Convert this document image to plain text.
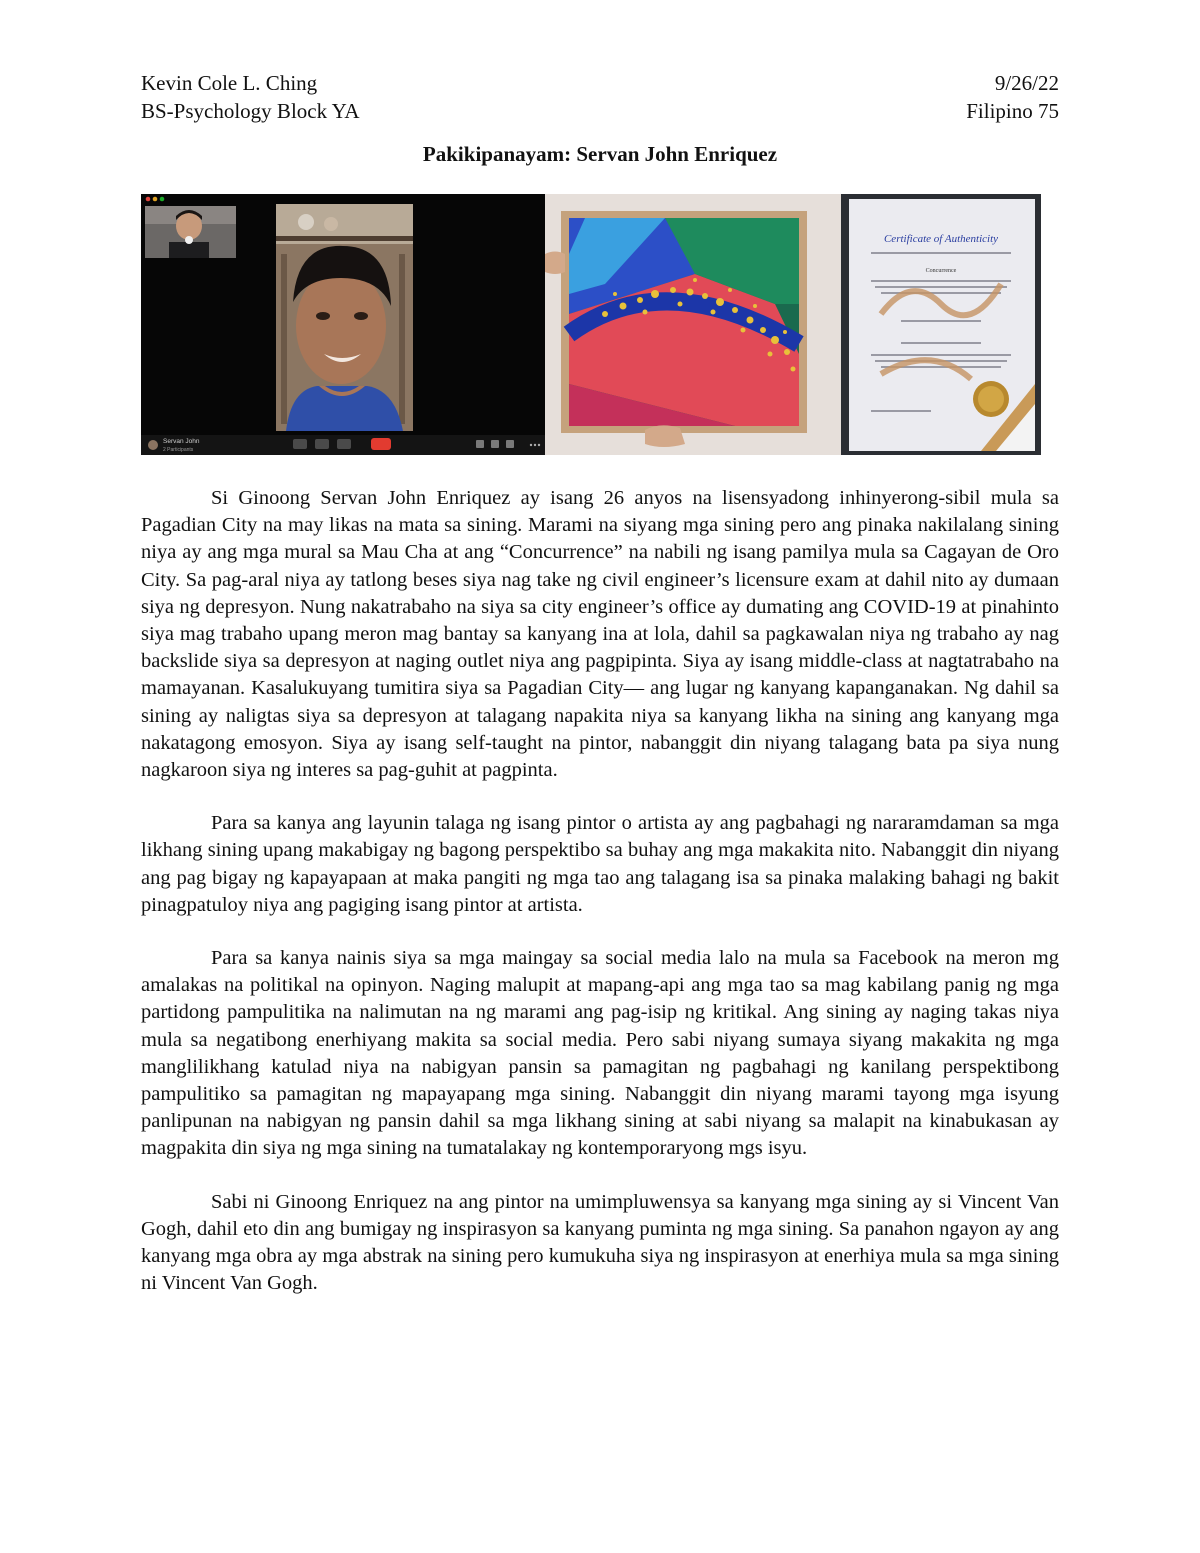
Kevin Cole L. Ching
BS-Psychology Block YA
9/26/22
Filipino 75
Pakikipanayam: Servan John Enriquez
Servan John
2 Participants
Certificate of Authenticity
Concurrence

Si Ginoong Servan John Enriquez ay isang 26 anyos na lisensyadong inhinyerong-sibil mula sa Pagadian City na may likas na mata sa sining. Marami na siyang mga sining pero ang pinaka nakilalang sining niya ay ang mga mural sa Mau Cha at ang “Concurrence” na nabili ng isang pamilya mula sa Cagayan de Oro City. Sa pag-aral niya ay tatlong beses siya nag take ng civil engineer’s licensure exam at dahil nito ay dumaan siya ng depresyon. Nung nakatrabaho na siya sa city engineer’s office ay dumating ang COVID-19 at pinahinto siya mag trabaho upang meron mag bantay sa kanyang ina at lola, dahil sa pagkawalan niya ng trabaho ay nag backslide siya sa depresyon at naging outlet niya ang pagpipinta. Siya ay isang middle-class at nagtatrabaho na mamayanan. Kasalukuyang tumitira siya sa Pagadian City— ang lugar ng kanyang kapanganakan. Ng dahil sa sining ay naligtas siya sa depresyon at talagang napakita niya sa kanyang likha na sining ang kanyang mga nakatagong emosyon. Siya ay isang self-taught na pintor, nabanggit din niyang talagang bata pa siya nung nagkaroon siya ng interes sa pag-guhit at pagpinta.

Para sa kanya ang layunin talaga ng isang pintor o artista ay ang pagbahagi ng nararamdaman sa mga likhang sining upang makabigay ng bagong perspektibo sa buhay ang mga makakita nito. Nabanggit din niyang ang pag bigay ng kapayapaan at maka pangiti ng mga tao ang talagang isa sa pinaka malaking bahagi ng bakit pinagpatuloy niya ang pagiging isang pintor at artista.

Para sa kanya nainis siya sa mga maingay sa social media lalo na mula sa Facebook na meron mg amalakas na politikal na opinyon. Naging malupit at mapang-api ang mga tao sa mag kabilang panig ng mga partidong pampulitika na nalimutan na ng marami ang pag-isip ng kritikal. Ang sining ay naging takas niya mula sa negatibong enerhiyang makita sa social media. Pero sabi niyang sumaya siyang makakita ng mga manglilikhang katulad niya na nabigyan pansin sa pamagitan ng pagbahagi ng kanilang perspektibong pampulitiko sa pamagitan ng mapayapang mga sining. Nabanggit din niyang marami tayong mga isyung panlipunan na nabigyan ng pansin dahil sa mga likhang sining at sabi niyang sa malapit na kinabukasan ay magpakita din siya ng mga sining na tumatalakay ng kontemporaryong mgs isyu.

Sabi ni Ginoong Enriquez na ang pintor na umimpluwensya sa kanyang mga sining ay si Vincent Van Gogh, dahil eto din ang bumigay ng inspirasyon sa kanyang puminta ng mga sining. Sa panahon ngayon ay ang kanyang mga obra ay mga abstrak na sining pero kumukuha siya ng inspirasyon at enerhiya mula sa mga sining ni Vincent Van Gogh.
